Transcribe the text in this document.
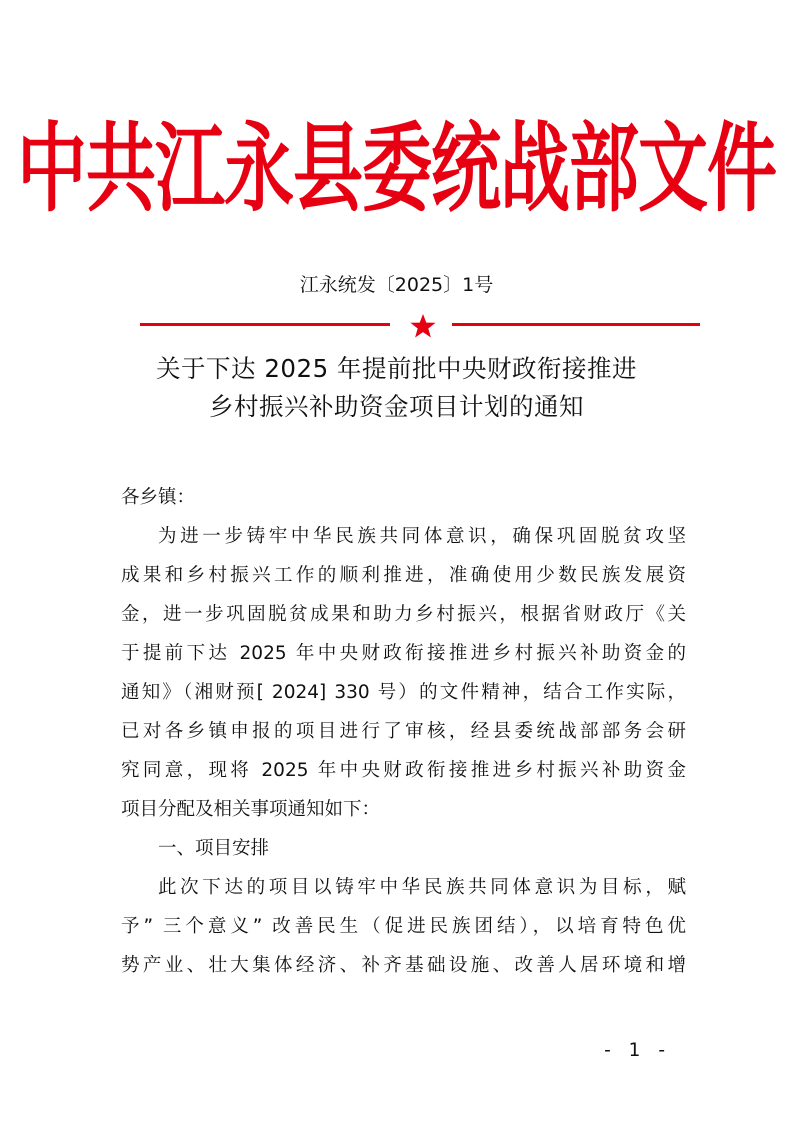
中共江永县委统战部文件
江永统发〔2025〕1号
关于下达 2025 年提前批中央财政衔接推进
乡村振兴补助资金项目计划的通知

各乡镇：

为进一步铸牢中华民族共同体意识，确保巩固脱贫攻坚

成果和乡村振兴工作的顺利推进，准确使用少数民族发展资

金，进一步巩固脱贫成果和助力乡村振兴，根据省财政厅《关

于提前下达 2025 年中央财政衔接推进乡村振兴补助资金的

通知》（湘财预[ 2024] 330 号）的文件精神，结合工作实际，

已对各乡镇申报的项目进行了审核，经县委统战部部务会研

究同意，现将 2025 年中央财政衔接推进乡村振兴补助资金

项目分配及相关事项通知如下：

一、项目安排

此次下达的项目以铸牢中华民族共同体意识为目标，赋

予” 三个意义” 改善民生（促进民族团结），以培育特色优

势产业、壮大集体经济、补齐基础设施、改善人居环境和增

- 1 -
